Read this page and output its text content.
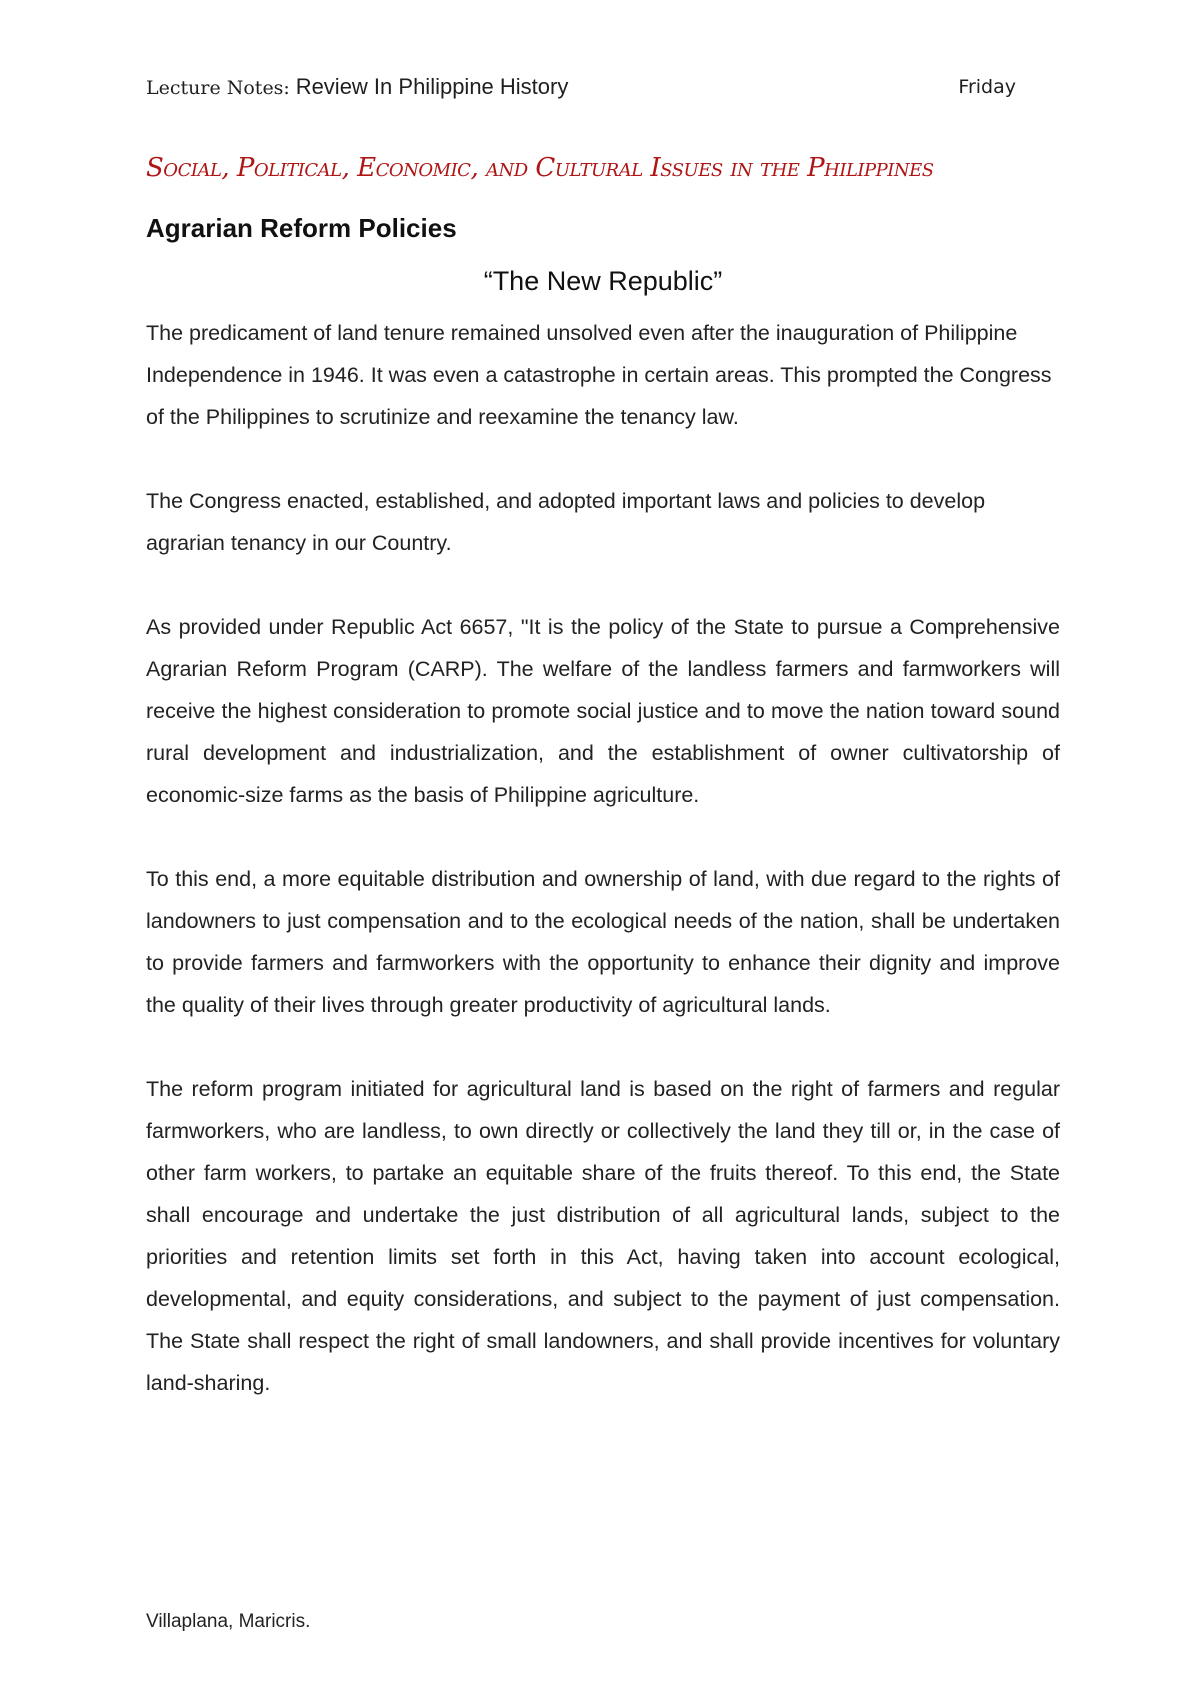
Lecture Notes: Review In Philippine History	Friday
Social, Political, Economic, and Cultural Issues in the Philippines
Agrarian Reform Policies
“The New Republic”

The predicament of land tenure remained unsolved even after the inauguration of Philippine Independence in 1946. It was even a catastrophe in certain areas. This prompted the Congress of the Philippines to scrutinize and reexamine the tenancy law.

The Congress enacted, established, and adopted important laws and policies to develop agrarian tenancy in our Country.

As provided under Republic Act 6657, "It is the policy of the State to pursue a Comprehensive Agrarian Reform Program (CARP). The welfare of the landless farmers and farmworkers will receive the highest consideration to promote social justice and to move the nation toward sound rural development and industrialization, and the establishment of owner cultivatorship of economic-size farms as the basis of Philippine agriculture.

To this end, a more equitable distribution and ownership of land, with due regard to the rights of landowners to just compensation and to the ecological needs of the nation, shall be undertaken to provide farmers and farmworkers with the opportunity to enhance their dignity and improve the quality of their lives through greater productivity of agricultural lands.

The reform program initiated for agricultural land is based on the right of farmers and regular farmworkers, who are landless, to own directly or collectively the land they till or, in the case of other farm workers, to partake an equitable share of the fruits thereof. To this end, the State shall encourage and undertake the just distribution of all agricultural lands, subject to the priorities and retention limits set forth in this Act, having taken into account ecological, developmental, and equity considerations, and subject to the payment of just compensation. The State shall respect the right of small landowners, and shall provide incentives for voluntary land-sharing.

Villaplana, Maricris.
